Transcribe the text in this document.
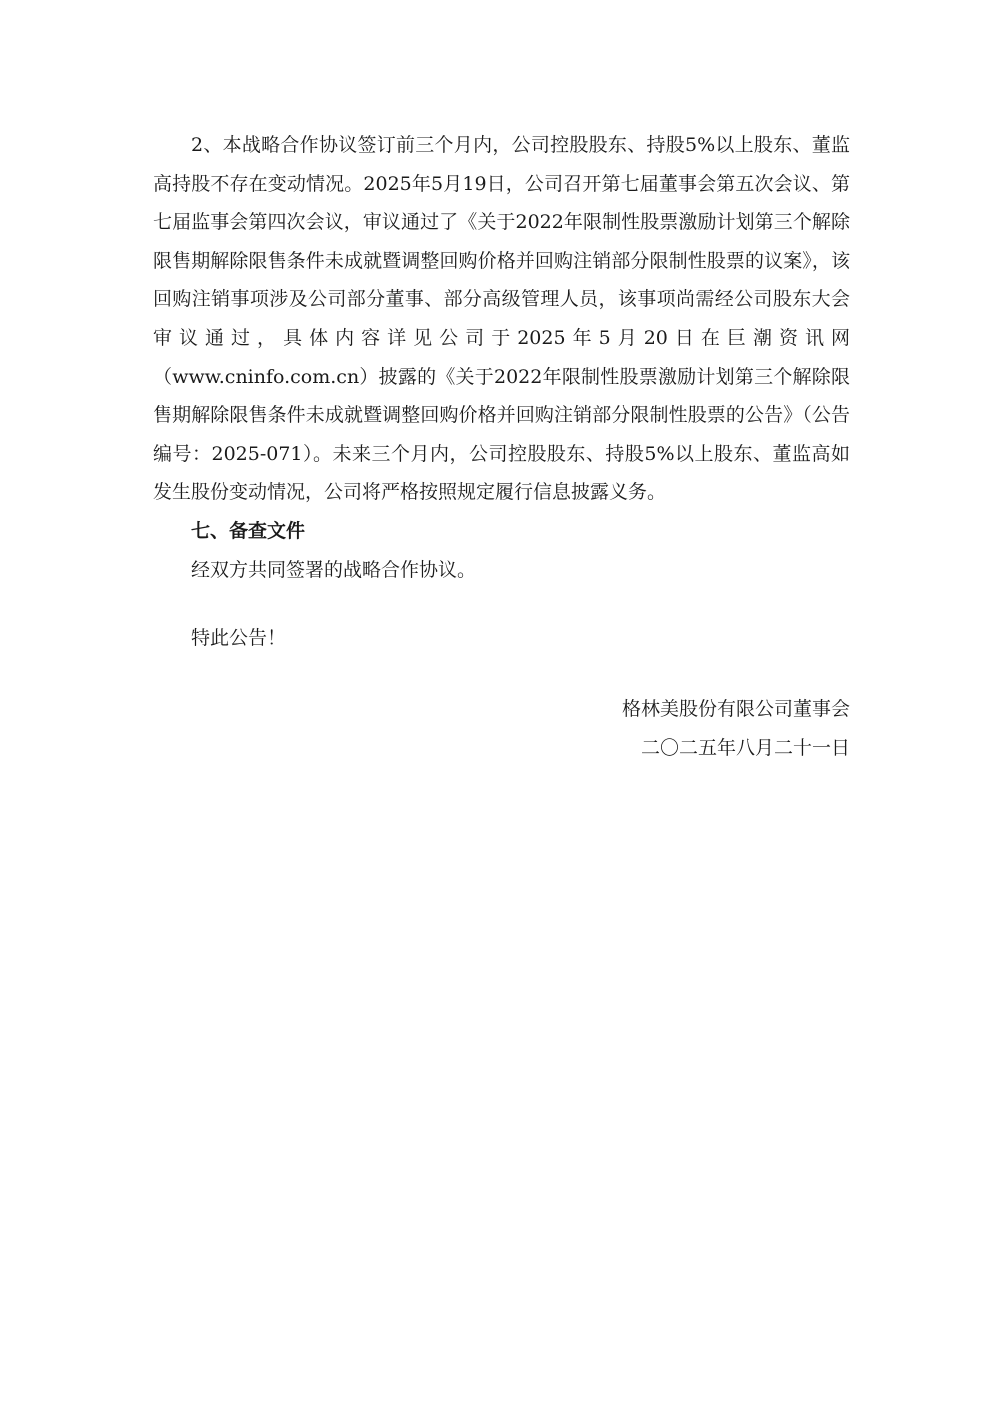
2、本战略合作协议签订前三个月内，公司控股股东、持股5%以上股东、董监高持股不存在变动情况。2025年5月19日，公司召开第七届董事会第五次会议、第七届监事会第四次会议，审议通过了《关于2022年限制性股票激励计划第三个解除限售期解除限售条件未成就暨调整回购价格并回购注销部分限制性股票的议案》，该回购注销事项涉及公司部分董事、部分高级管理人员，该事项尚需经公司股东大会审议通过，具体内容详见公司于2025年5月20日在巨潮资讯网（www.cninfo.com.cn）披露的《关于2022年限制性股票激励计划第三个解除限售期解除限售条件未成就暨调整回购价格并回购注销部分限制性股票的公告》（公告编号：2025-071）。未来三个月内，公司控股股东、持股5%以上股东、董监高如发生股份变动情况，公司将严格按照规定履行信息披露义务。

七、备查文件

经双方共同签署的战略合作协议。

特此公告！

格林美股份有限公司董事会
二〇二五年八月二十一日
